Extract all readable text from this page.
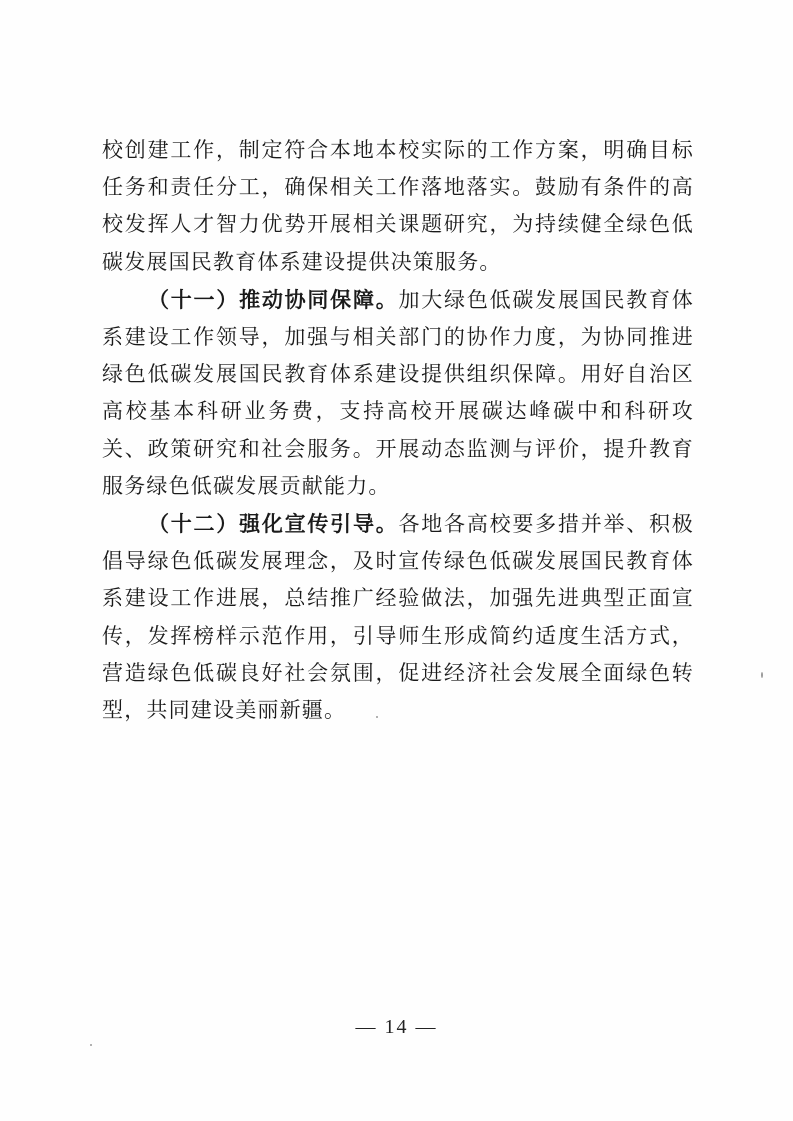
校创建工作，制定符合本地本校实际的工作方案，明确目标任务和责任分工，确保相关工作落地落实。鼓励有条件的高校发挥人才智力优势开展相关课题研究，为持续健全绿色低碳发展国民教育体系建设提供决策服务。

（十一）推动协同保障。加大绿色低碳发展国民教育体系建设工作领导，加强与相关部门的协作力度，为协同推进绿色低碳发展国民教育体系建设提供组织保障。用好自治区高校基本科研业务费，支持高校开展碳达峰碳中和科研攻关、政策研究和社会服务。开展动态监测与评价，提升教育服务绿色低碳发展贡献能力。

（十二）强化宣传引导。各地各高校要多措并举、积极倡导绿色低碳发展理念，及时宣传绿色低碳发展国民教育体系建设工作进展，总结推广经验做法，加强先进典型正面宣传，发挥榜样示范作用，引导师生形成简约适度生活方式，营造绿色低碳良好社会氛围，促进经济社会发展全面绿色转型，共同建设美丽新疆。

— 14 —
